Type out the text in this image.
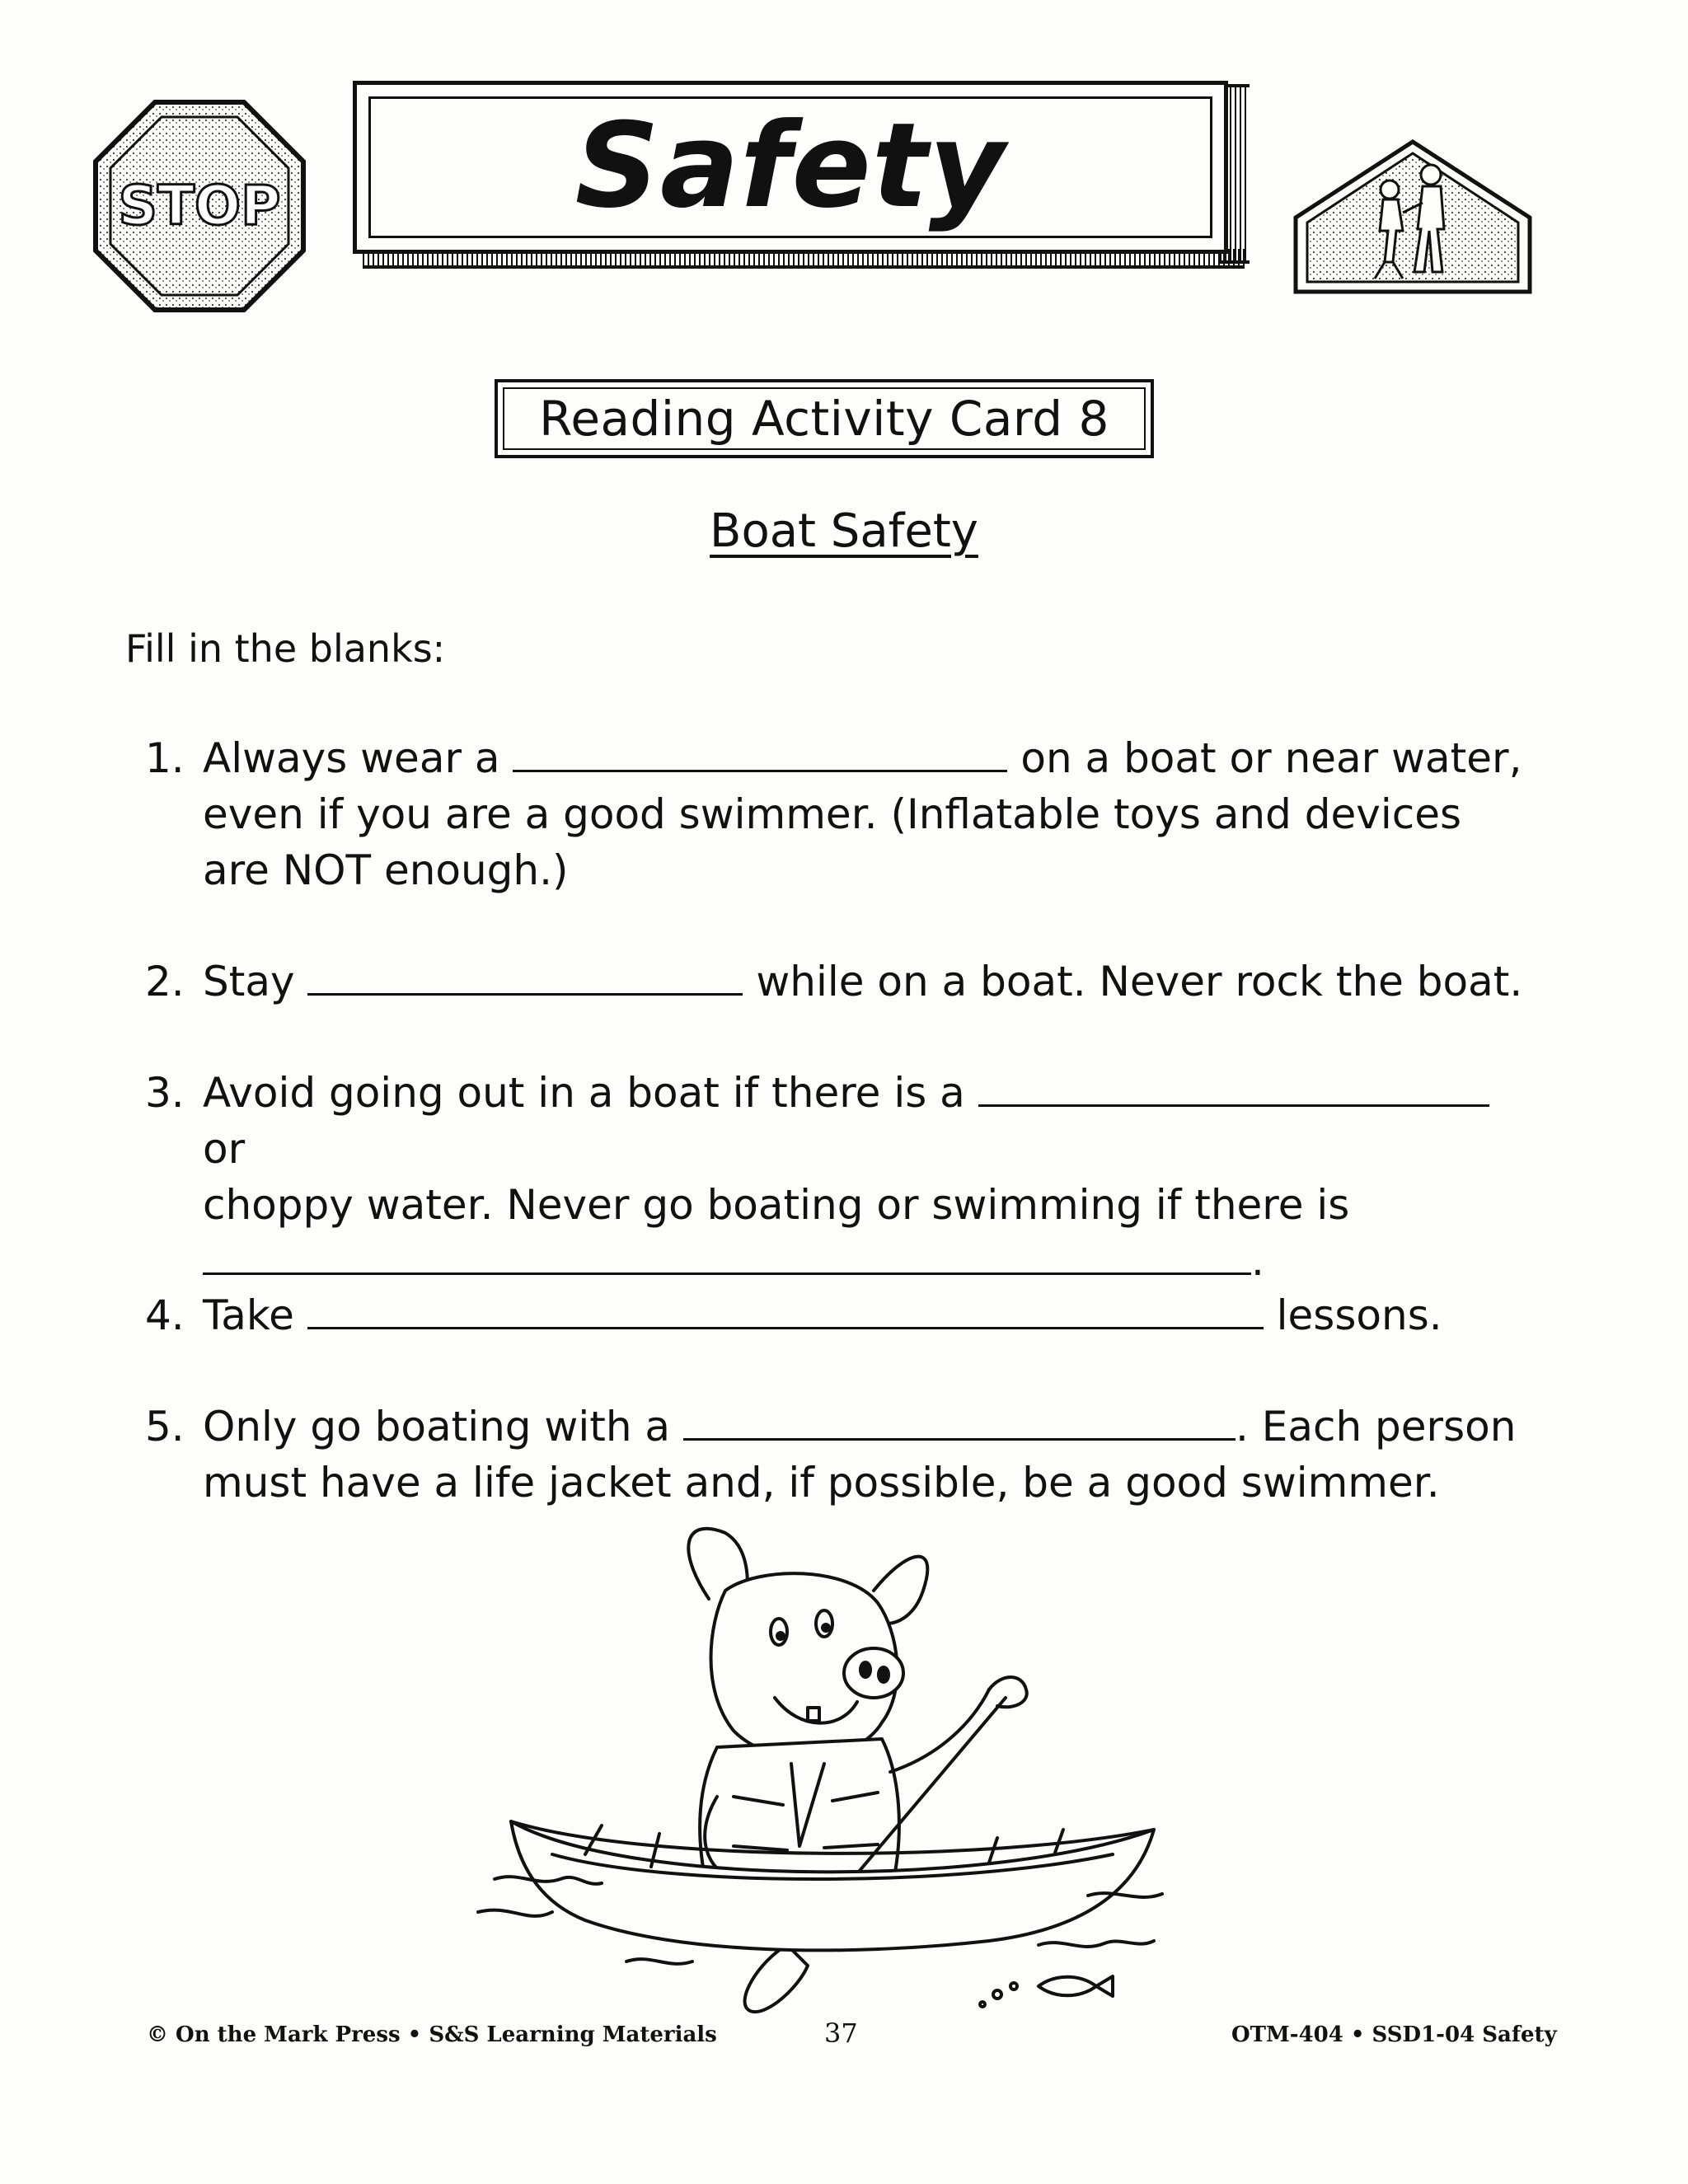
STOP	Safety
Reading Activity Card 8
Boat Safety
Fill in the blanks:
1. Always wear a	on a boat or near water,
even if you are a good swimmer. (Inflatable toys and devices
are NOT enough.)
2. Stay	while on a boat. Never rock the boat.
3. Avoid going out in a boat if there is a  or
choppy water. Never go boating or swimming if there is
.
4. Take	lessons.
5. Only go boating with a	. Each person
must have a life jacket and, if possible, be a good swimmer.
© On the Mark Press • S&S Learning Materials	37	OTM-404 • SSD1-04 Safety
